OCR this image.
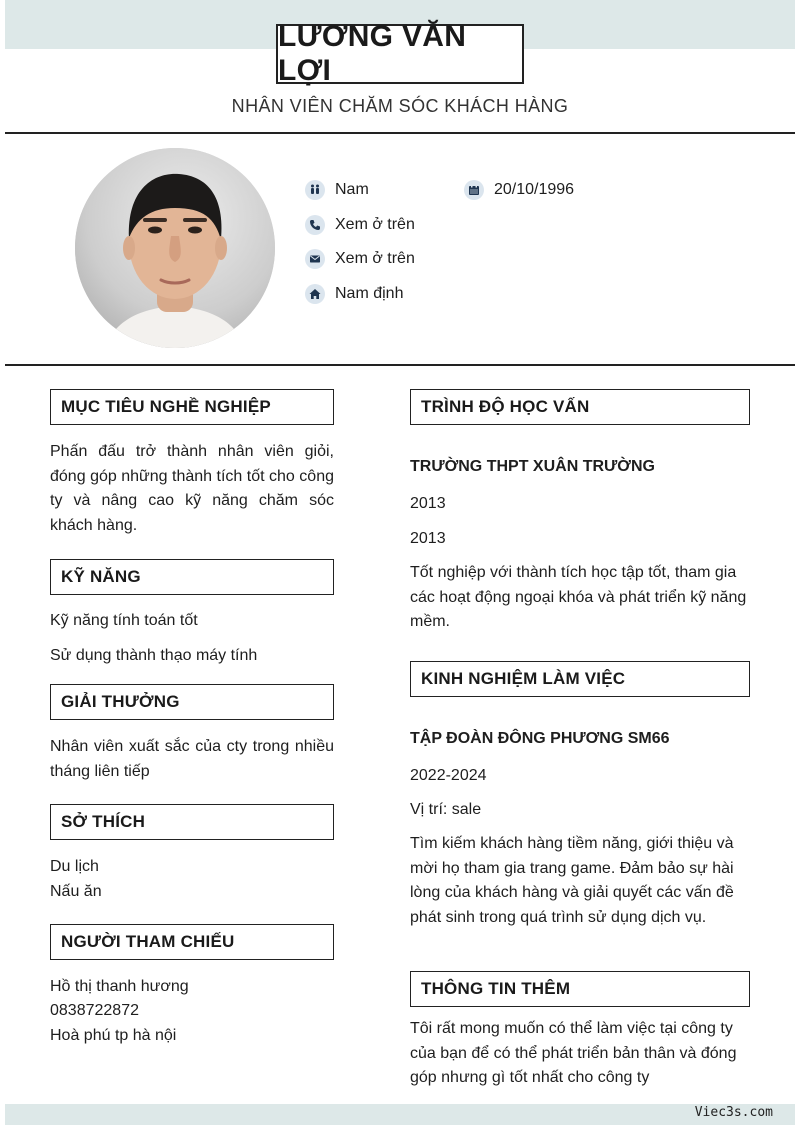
LƯƠNG VĂN LỢI
NHÂN VIÊN CHĂM SÓC KHÁCH HÀNG
Nam	20/10/1996
Xem ở trên
Xem ở trên
Nam định
MỤC TIÊU NGHỀ NGHIỆP
Phấn đấu trở thành nhân viên giỏi, đóng góp những thành tích tốt cho công ty và nâng cao kỹ năng chăm sóc khách hàng.
KỸ NĂNG
Kỹ năng tính toán tốt
Sử dụng thành thạo máy tính
GIẢI THƯỞNG
Nhân viên xuất sắc của cty trong nhiều tháng liên tiếp
SỞ THÍCH
Du lịch
Nấu ăn
NGƯỜI THAM CHIẾU
Hồ thị thanh hương
0838722872
Hoà phú tp hà nội
TRÌNH ĐỘ HỌC VẤN
TRƯỜNG THPT XUÂN TRƯỜNG
2013
2013
Tốt nghiệp với thành tích học tập tốt, tham gia các hoạt động ngoại khóa và phát triển kỹ năng mềm.
KINH NGHIỆM LÀM VIỆC
TẬP ĐOÀN ĐÔNG PHƯƠNG SM66
2022-2024
Vị trí: sale
Tìm kiếm khách hàng tiềm năng, giới thiệu và mời họ tham gia trang game. Đảm bảo sự hài lòng của khách hàng và giải quyết các vấn đề phát sinh trong quá trình sử dụng dịch vụ.
THÔNG TIN THÊM
Tôi rất mong muốn có thể làm việc tại công ty của bạn để có thể phát triển bản thân và đóng góp nhưng gì tốt nhất cho công ty
Viec3s.com
